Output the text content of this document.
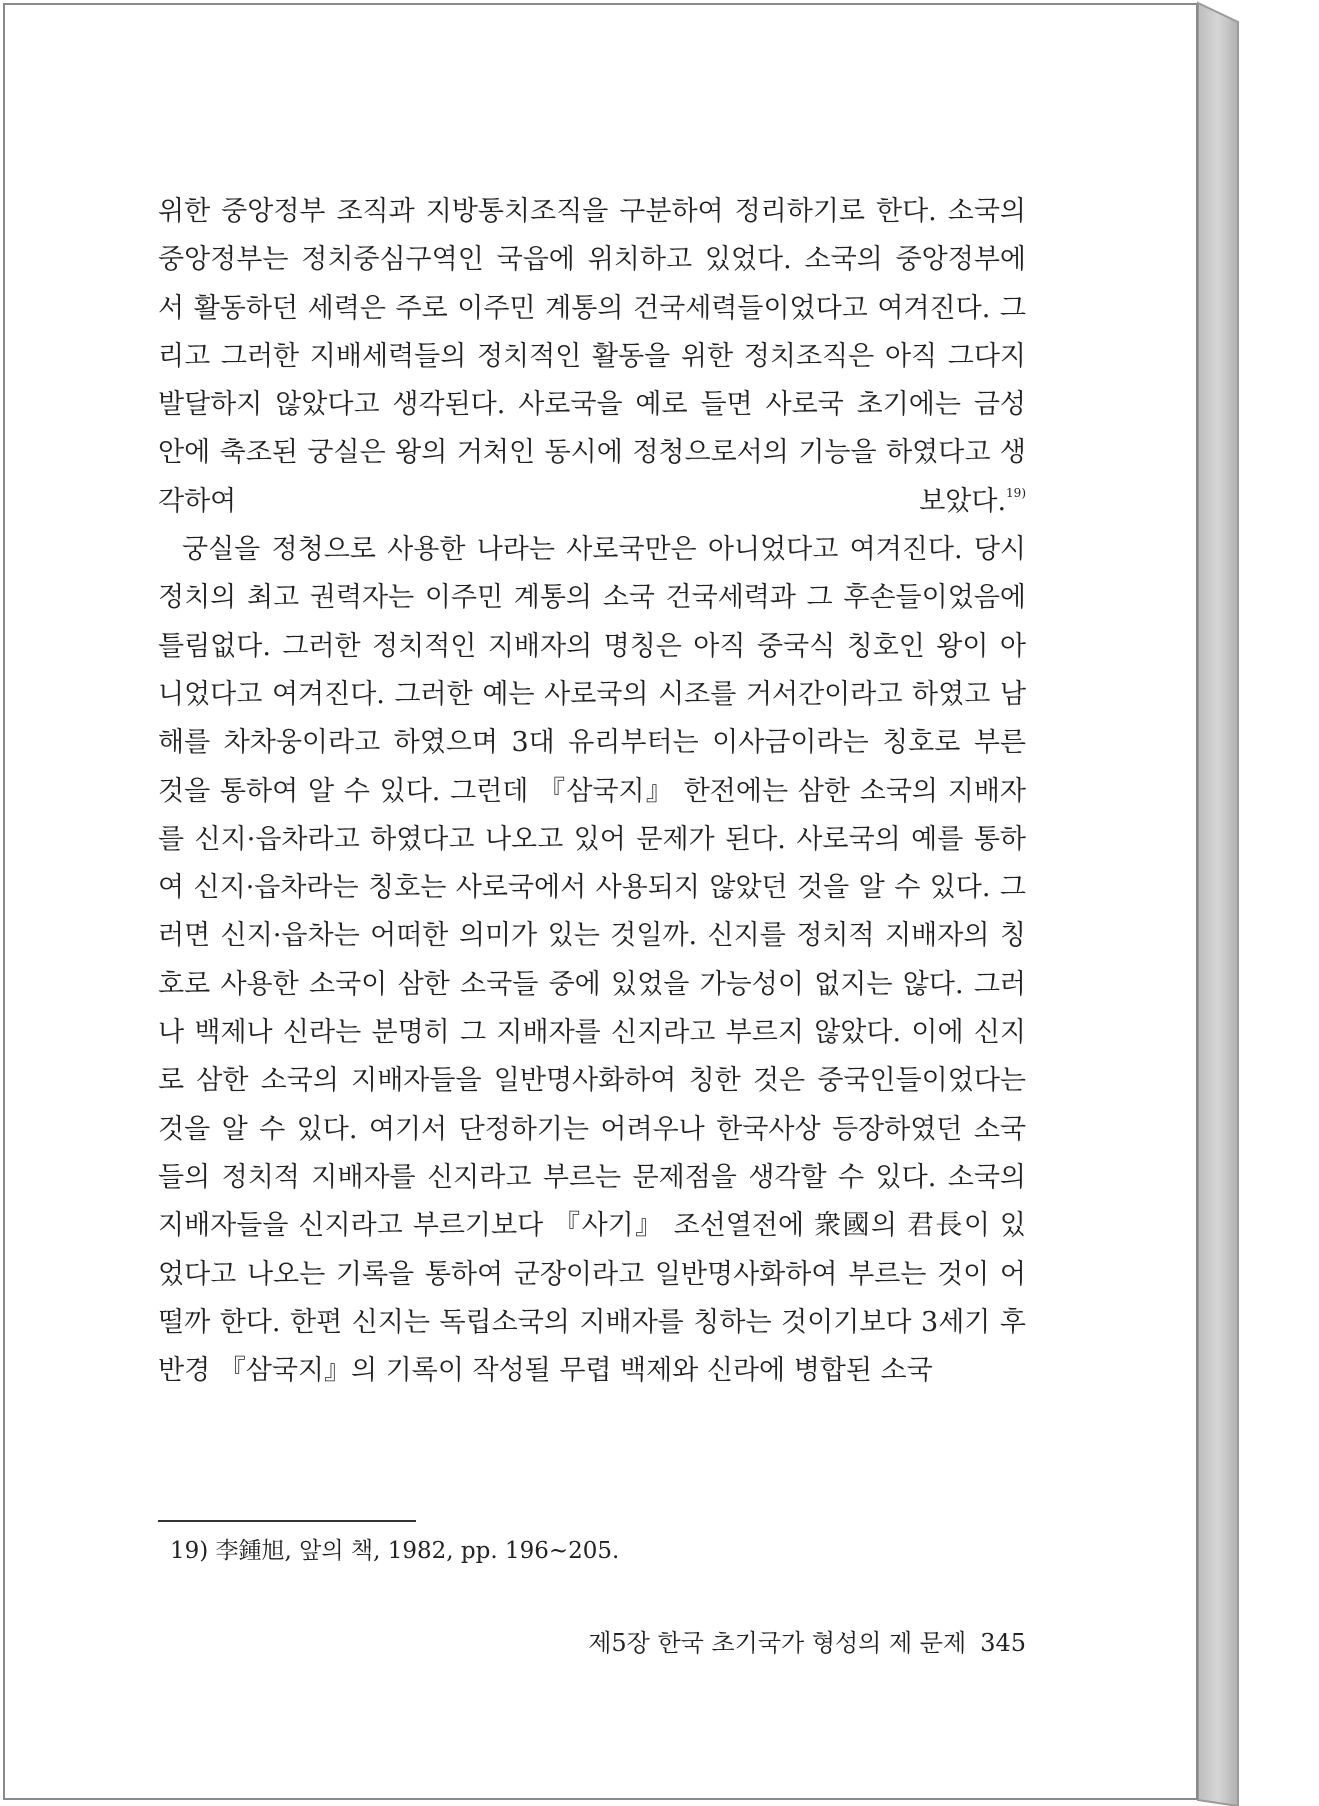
위한 중앙정부 조직과 지방통치조직을 구분하여 정리하기로 한다. 소국의 중앙정부는 정치중심구역인 국읍에 위치하고 있었다. 소국의 중앙정부에서 활동하던 세력은 주로 이주민 계통의 건국세력들이었다고 여겨진다. 그리고 그러한 지배세력들의 정치적인 활동을 위한 정치조직은 아직 그다지 발달하지 않았다고 생각된다. 사로국을 예로 들면 사로국 초기에는 금성 안에 축조된 궁실은 왕의 거처인 동시에 정청으로서의 기능을 하였다고 생각하여 보았다.$^{19)}$

궁실을 정청으로 사용한 나라는 사로국만은 아니었다고 여겨진다. 당시 정치의 최고 권력자는 이주민 계통의 소국 건국세력과 그 후손들이었음에 틀림없다. 그러한 정치적인 지배자의 명칭은 아직 중국식 칭호인 왕이 아니었다고 여겨진다. 그러한 예는 사로국의 시조를 거서간이라고 하였고 남해를 차차웅이라고 하였으며 3대 유리부터는 이사금이라는 칭호로 부른 것을 통하여 알 수 있다. 그런데 『삼국지』 한전에는 삼한 소국의 지배자를 신지·읍차라고 하였다고 나오고 있어 문제가 된다. 사로국의 예를 통하여 신지·읍차라는 칭호는 사로국에서 사용되지 않았던 것을 알 수 있다. 그러면 신지·읍차는 어떠한 의미가 있는 것일까. 신지를 정치적 지배자의 칭호로 사용한 소국이 삼한 소국들 중에 있었을 가능성이 없지는 않다. 그러나 백제나 신라는 분명히 그 지배자를 신지라고 부르지 않았다. 이에 신지로 삼한 소국의 지배자들을 일반명사화하여 칭한 것은 중국인들이었다는 것을 알 수 있다. 여기서 단정하기는 어려우나 한국사상 등장하였던 소국들의 정치적 지배자를 신지라고 부르는 문제점을 생각할 수 있다. 소국의 지배자들을 신지라고 부르기보다 『사기』 조선열전에 衆國의 君長이 있었다고 나오는 기록을 통하여 군장이라고 일반명사화하여 부르는 것이 어떨까 한다. 한편 신지는 독립소국의 지배자를 칭하는 것이기보다 3세기 후반경 『삼국지』의 기록이 작성될 무렵 백제와 신라에 병합된 소국

19) 李鍾旭, 앞의 책, 1982, pp. 196~205.
제5장 한국 초기국가 형성의 제 문제 345
